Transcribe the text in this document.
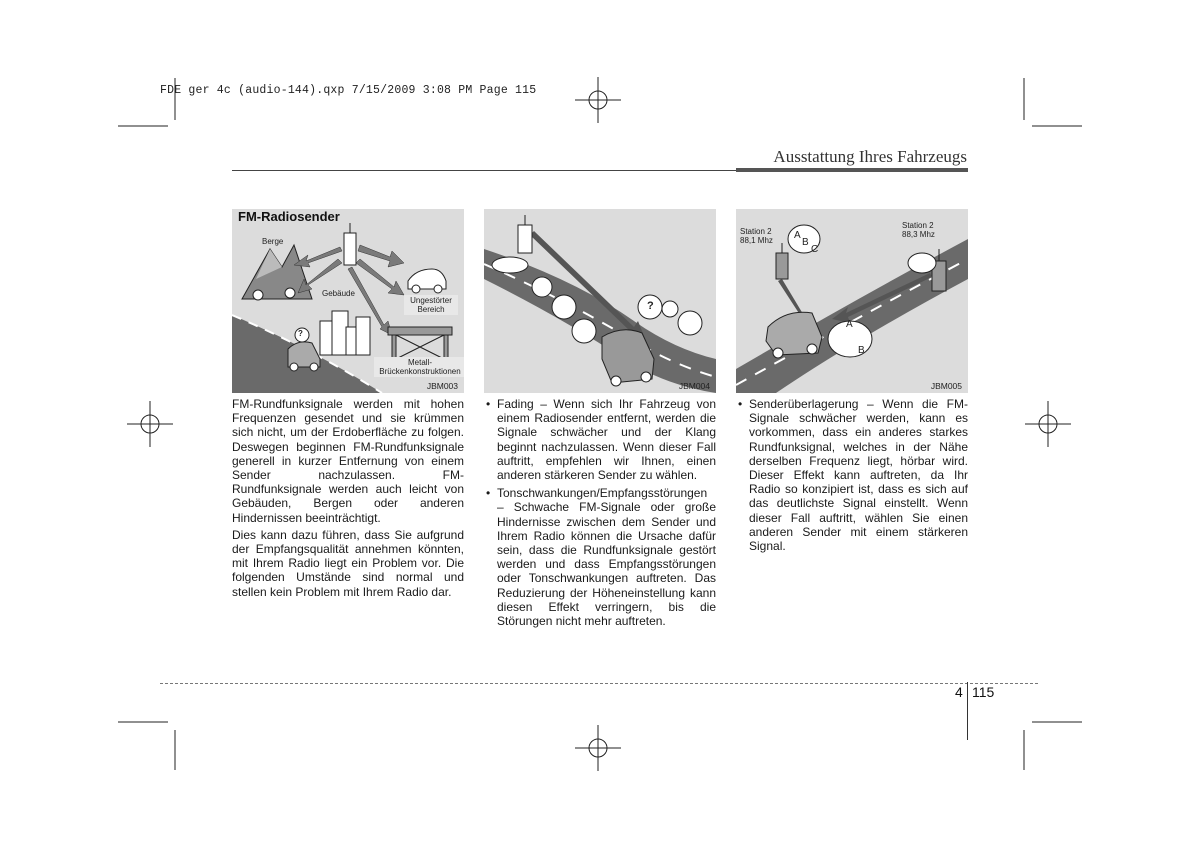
FDE ger 4c (audio-144).qxp 7/15/2009 3:08 PM Page 115
Ausstattung Ihres Fahrzeugs
FM-Radiosender
Berge
Gebäude
Ungestörter Bereich
Metall-Brückenkonstruktionen
?
JBM003
?
JBM004
Station 2
88,1 Mhz
Station 2
88,3 Mhz
A
B
C
A
B
JBM005

FM-Rundfunksignale werden mit hohen Frequenzen gesendet und sie krümmen sich nicht, um der Erdoberfläche zu folgen. Deswegen beginnen FM-Rundfunksignale generell in kurzer Entfernung von einem Sender nachzulassen. FM-Rundfunksignale werden auch leicht von Gebäuden, Bergen oder anderen Hindernissen beeinträchtigt.

Dies kann dazu führen, dass Sie aufgrund der Empfangsqualität annehmen könnten, mit Ihrem Radio liegt ein Problem vor. Die folgenden Umstände sind normal und stellen kein Problem mit Ihrem Radio dar.

• Fading – Wenn sich Ihr Fahrzeug von einem Radiosender entfernt, werden die Signale schwächer und der Klang beginnt nachzulassen. Wenn dieser Fall auftritt, empfehlen wir Ihnen, einen anderen stärkeren Sender zu wählen.

• Tonschwankungen/Empfangsstörungen – Schwache FM-Signale oder große Hindernisse zwischen dem Sender und Ihrem Radio können die Ursache dafür sein, dass die Rundfunksignale gestört werden und dass Empfangsstörungen oder Tonschwankungen auftreten. Das Reduzierung der Höheneinstellung kann diesen Effekt verringern, bis die Störungen nicht mehr auftreten.

• Senderüberlagerung – Wenn die FM-Signale schwächer werden, kann es vorkommen, dass ein anderes starkes Rundfunksignal, welches in der Nähe derselben Frequenz liegt, hörbar wird. Dieser Effekt kann auftreten, da Ihr Radio so konzipiert ist, dass es sich auf das deutlichste Signal einstellt. Wenn dieser Fall auftritt, wählen Sie einen anderen Sender mit einem stärkeren Signal.

4 115
